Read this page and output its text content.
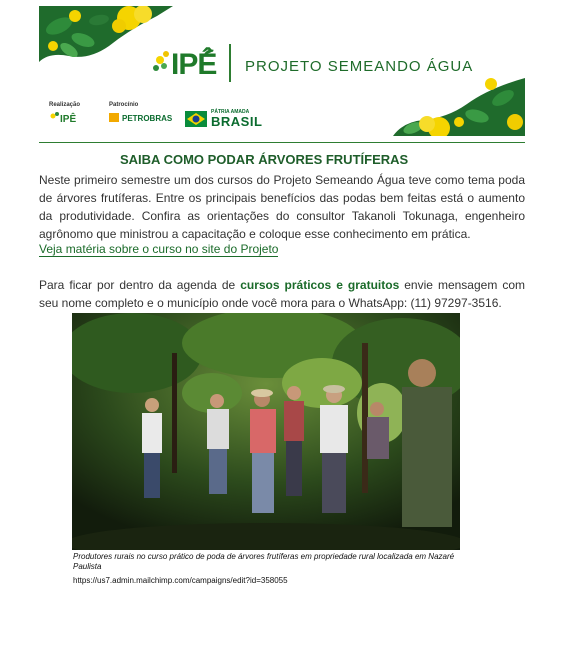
IPÊ PROJETO SEMEANDO ÁGUA
Realização	Patrocínio
IPÊ	PETROBRAS
PÁTRIA AMADA
BRASIL
SAIBA COMO PODAR ÁRVORES FRUTÍFERAS

Neste primeiro semestre um dos cursos do Projeto Semeando Água teve como tema poda de árvores frutíferas. Entre os principais benefícios das podas bem feitas está o aumento da produtividade. Confira as orientações do consultor Takanoli Tokunaga, engenheiro agrônomo que ministrou a capacitação e coloque esse conhecimento em prática.

Veja matéria sobre o curso no site do Projeto

Para ficar por dentro da agenda de cursos práticos e gratuitos envie mensagem com seu nome completo e o município onde você mora para o WhatsApp: (11) 97297-3516.

Produtores rurais no curso prático de poda de árvores frutíferas em propriedade rural localizada em Nazaré Paulista

https://us7.admin.mailchimp.com/campaigns/edit?id=358055
